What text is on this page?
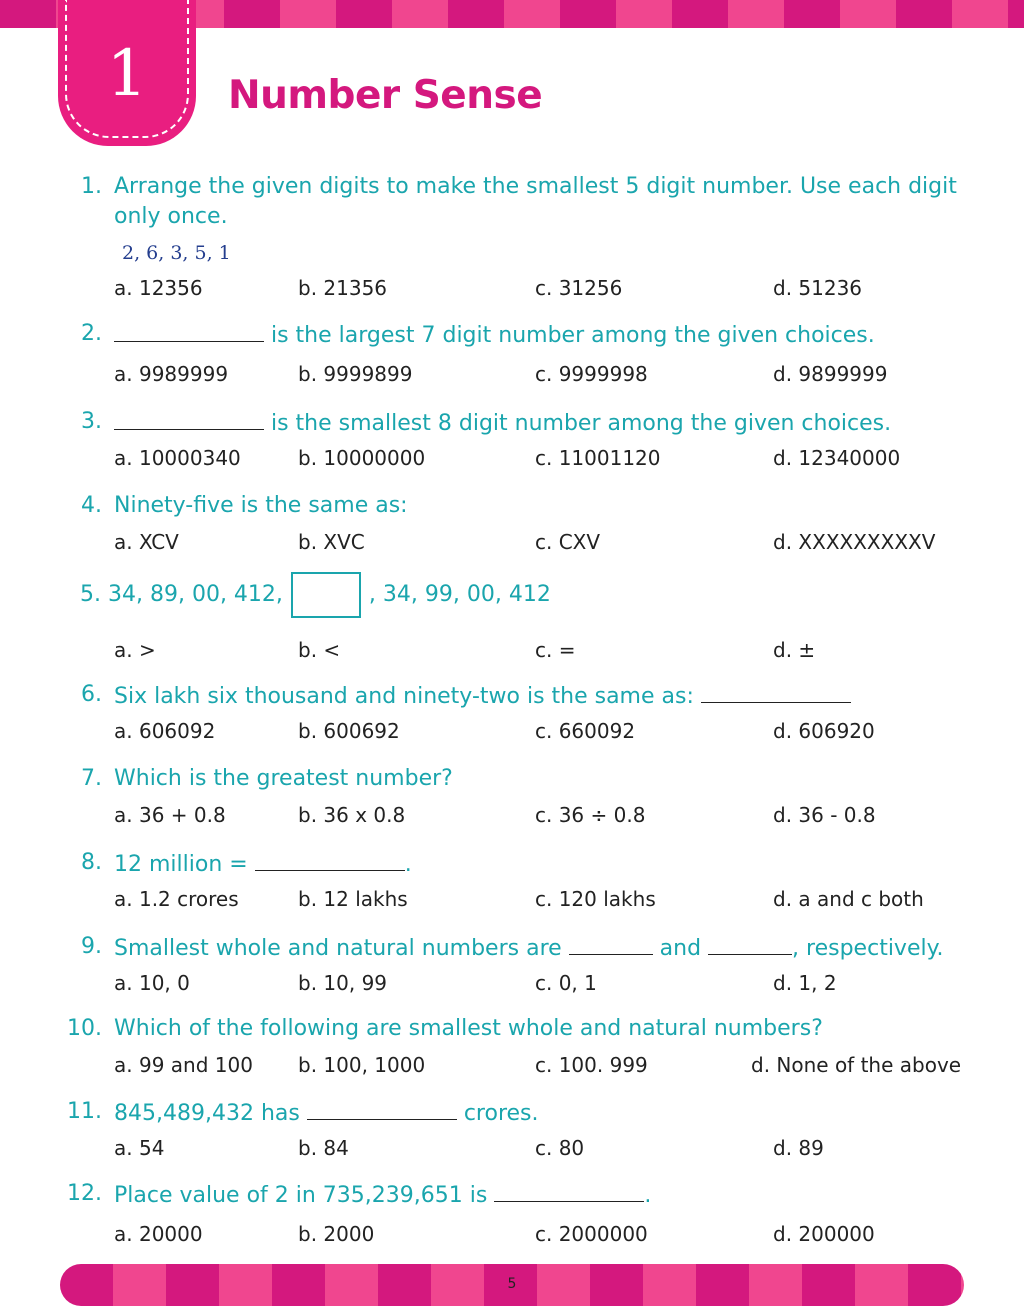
1	Number Sense
1. Arrange the given digits to make the smallest 5 digit number. Use each digit only once.
2, 6, 3, 5, 1
a. 12356	b. 21356	c. 31256	d. 51236
2.	is the largest 7 digit number among the given choices.
a. 9989999	b. 9999899	c. 9999998	d. 9899999
3.	is the smallest 8 digit number among the given choices.
a. 10000340	b. 10000000	c. 11001120	d. 12340000
4. Ninety-five is the same as:
a. XCV	b. XVC	c. CXV	d. XXXXXXXXXV
5. 34, 89, 00, 412,	, 34, 99, 00, 412
a. >	b. <	c. =	d. ±
6. Six lakh six thousand and ninety-two is the same as:
a. 606092	b. 600692	c. 660092	d. 606920
7. Which is the greatest number?
a. 36 + 0.8	b. 36 x 0.8	c. 36 ÷ 0.8	d. 36 - 0.8
8. 12 million =	.
a. 1.2 crores	b. 12 lakhs	c. 120 lakhs	d. a and c both
9. Smallest whole and natural numbers are	and	, respectively.
a. 10, 0	b. 10, 99	c. 0, 1	d. 1, 2
10. Which of the following are smallest whole and natural numbers?
a. 99 and 100 b. 100, 1000	c. 100. 999	d. None of the above
11. 845,489,432 has	crores.
a. 54	b. 84	c. 80	d. 89
12. Place value of 2 in 735,239,651 is	.
a. 20000	b. 2000	c. 2000000	d. 200000
5
